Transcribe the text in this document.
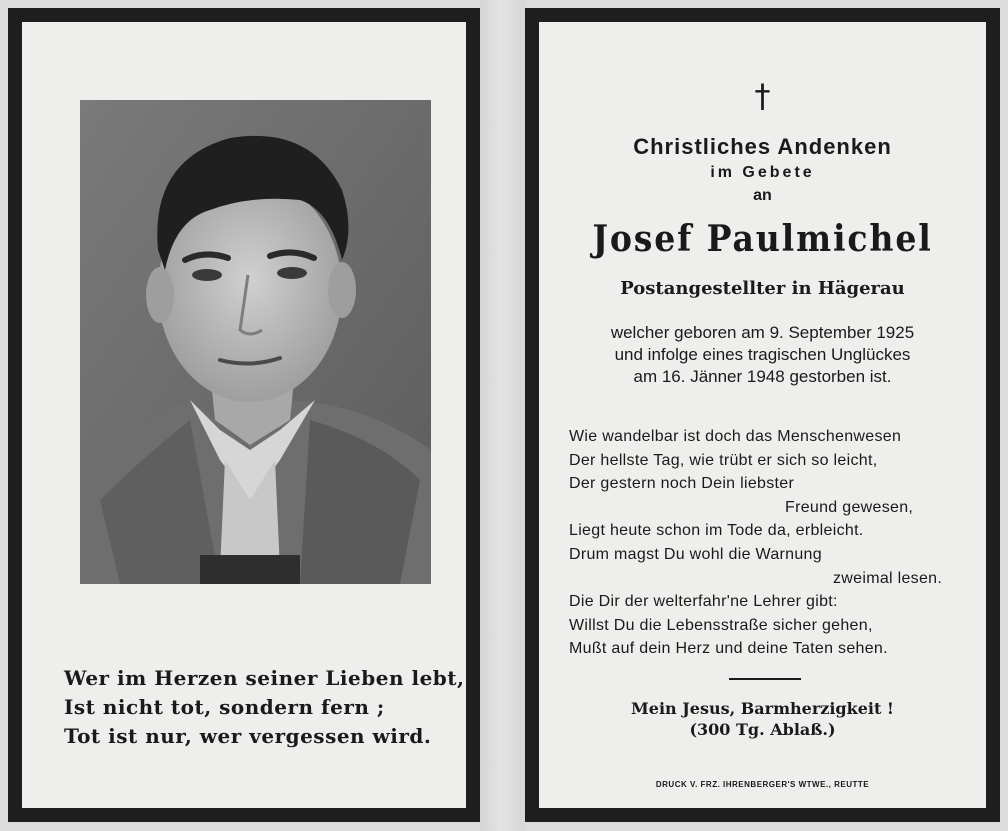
Wer im Herzen seiner Lieben lebt,
Ist nicht tot, sondern fern ;
Tot ist nur, wer vergessen wird.
†
Christliches Andenken
im Gebete
an
Josef Paulmichel
Postangestellter in Hägerau
welcher geboren am 9. September 1925
und infolge eines tragischen Unglückes
am 16. Jänner 1948 gestorben ist.
Wie wandelbar ist doch das Menschenwesen
Der hellste Tag, wie trübt er sich so leicht,
Der gestern noch Dein liebster
Freund gewesen,
Liegt heute schon im Tode da, erbleicht.
Drum magst Du wohl die Warnung
zweimal lesen.
Die Dir der welterfahr'ne Lehrer gibt:
Willst Du die Lebensstraße sicher gehen,
Mußt auf dein Herz und deine Taten sehen.
Mein Jesus, Barmherzigkeit !
(300 Tg. Ablaß.)
DRUCK V. FRZ. IHRENBERGER'S WTWE., REUTTE
